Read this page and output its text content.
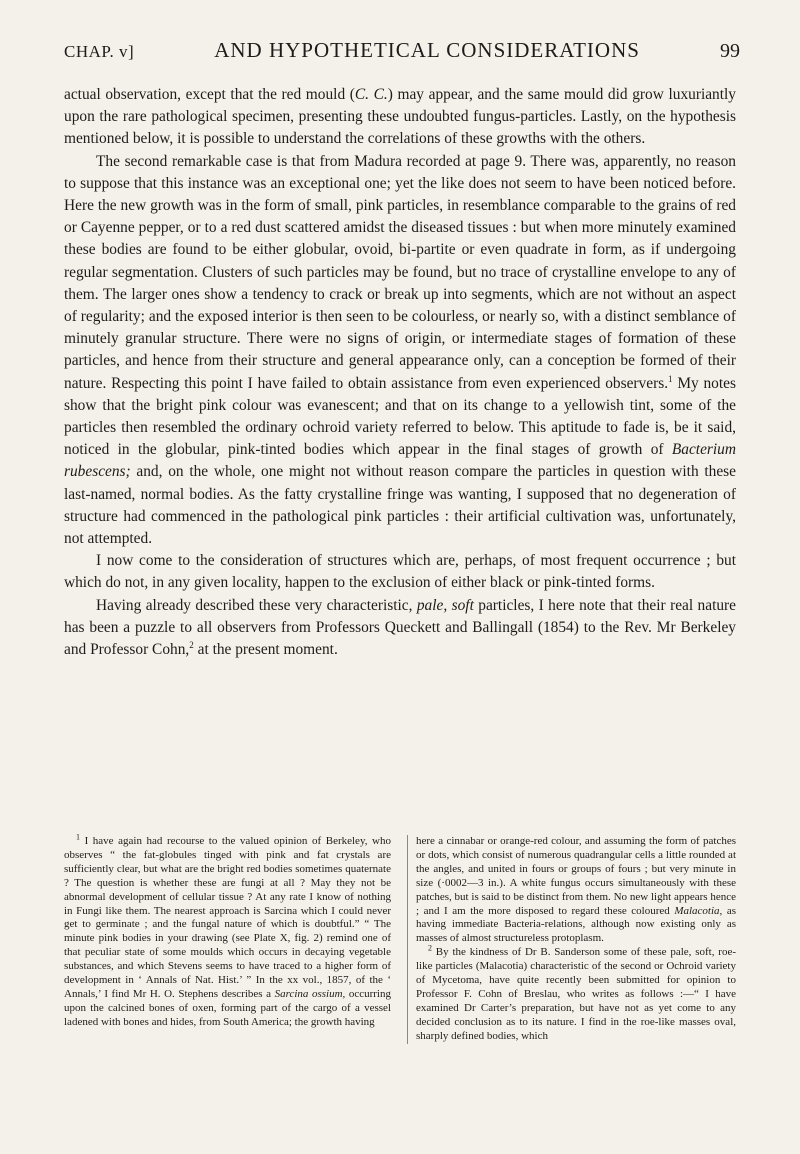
CHAP. v]	AND HYPOTHETICAL CONSIDERATIONS	99

actual observation, except that the red mould (C. C.) may appear, and the same mould did grow luxuriantly upon the rare pathological specimen, presenting these undoubted fungus-particles. Lastly, on the hypothesis mentioned below, it is possible to understand the correlations of these growths with the others.

The second remarkable case is that from Madura recorded at page 9. There was, apparently, no reason to suppose that this instance was an exceptional one; yet the like does not seem to have been noticed before. Here the new growth was in the form of small, pink particles, in resemblance comparable to the grains of red or Cayenne pepper, or to a red dust scattered amidst the diseased tissues : but when more minutely examined these bodies are found to be either globular, ovoid, bi-partite or even quadrate in form, as if undergoing regular segmentation. Clusters of such particles may be found, but no trace of crystalline envelope to any of them. The larger ones show a tendency to crack or break up into segments, which are not without an aspect of regularity; and the exposed interior is then seen to be colourless, or nearly so, with a distinct semblance of minutely granular structure. There were no signs of origin, or intermediate stages of formation of these particles, and hence from their structure and general appearance only, can a conception be formed of their nature. Respecting this point I have failed to obtain assistance from even experienced observers.$^1$ My notes show that the bright pink colour was evanescent; and that on its change to a yellowish tint, some of the particles then resembled the ordinary ochroid variety referred to below. This aptitude to fade is, be it said, noticed in the globular, pink-tinted bodies which appear in the final stages of growth of Bacterium rubescens; and, on the whole, one might not without reason compare the particles in question with these last-named, normal bodies. As the fatty crystalline fringe was wanting, I supposed that no degeneration of structure had commenced in the pathological pink particles : their artificial cultivation was, unfortunately, not attempted.

I now come to the consideration of structures which are, perhaps, of most frequent occurrence ; but which do not, in any given locality, happen to the exclusion of either black or pink-tinted forms.

Having already described these very characteristic, pale, soft particles, I here note that their real nature has been a puzzle to all observers from Professors Queckett and Ballingall (1854) to the Rev. Mr Berkeley and Professor Cohn,$^2$ at the present moment.

$^1$ I have again had recourse to the valued opinion of Berkeley, who observes “ the fat-globules tinged with pink and fat crystals are sufficiently clear, but what are the bright red bodies sometimes quaternate ? The question is whether these are fungi at all ? May they not be abnormal development of cellular tissue ? At any rate I know of nothing in Fungi like them. The nearest approach is Sarcina which I could never get to germinate ; and the fungal nature of which is doubtful.” “ The minute pink bodies in your drawing (see Plate X, fig. 2) remind one of that peculiar state of some moulds which occurs in decaying vegetable substances, and which Stevens seems to have traced to a higher form of development in ‘ Annals of Nat. Hist.’ ” In the xx vol., 1857, of the ‘ Annals,’ I find Mr H. O. Stephens describes a Sarcina ossium, occurring upon the calcined bones of oxen, forming part of the cargo of a vessel ladened with bones and hides, from South America; the growth having

here a cinnabar or orange-red colour, and assuming the form of patches or dots, which consist of numerous quadrangular cells a little rounded at the angles, and united in fours or groups of fours ; but very minute in size (·0002—3 in.). A white fungus occurs simultaneously with these patches, but is said to be distinct from them. No new light appears hence ; and I am the more disposed to regard these coloured Malacotia, as having immediate Bacteria-relations, although now existing only as masses of almost structureless protoplasm.

$^2$ By the kindness of Dr B. Sanderson some of these pale, soft, roe-like particles (Malacotia) characteristic of the second or Ochroid variety of Mycetoma, have quite recently been submitted for opinion to Professor F. Cohn of Breslau, who writes as follows :—“ I have examined Dr Carter’s preparation, but have not as yet come to any decided conclusion as to its nature. I find in the roe-like masses oval, sharply defined bodies, which
